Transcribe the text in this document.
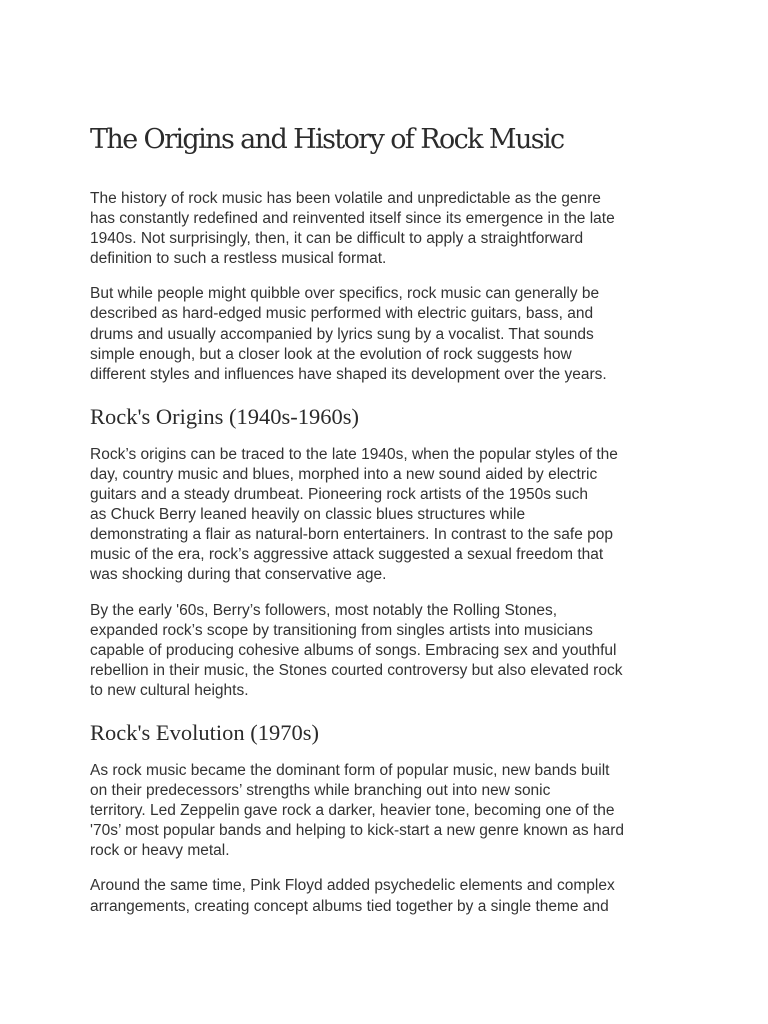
The Origins and History of Rock Music

The history of rock music has been volatile and unpredictable as the genre
has constantly redefined and reinvented itself since its emergence in the late
1940s. Not surprisingly, then, it can be difficult to apply a straightforward
definition to such a restless musical format.

But while people might quibble over specifics, rock music can generally be
described as hard-edged music performed with electric guitars, bass, and
drums and usually accompanied by lyrics sung by a vocalist. That sounds
simple enough, but a closer look at the evolution of rock suggests how
different styles and influences have shaped its development over the years.

Rock's Origins (1940s-1960s)

Rock’s origins can be traced to the late 1940s, when the popular styles of the
day, country music and blues, morphed into a new sound aided by electric
guitars and a steady drumbeat. Pioneering rock artists of the 1950s such
as Chuck Berry leaned heavily on classic blues structures while
demonstrating a flair as natural-born entertainers. In contrast to the safe pop
music of the era, rock’s aggressive attack suggested a sexual freedom that
was shocking during that conservative age.

By the early '60s, Berry’s followers, most notably the Rolling Stones,
expanded rock’s scope by transitioning from singles artists into musicians
capable of producing cohesive albums of songs. Embracing sex and youthful
rebellion in their music, the Stones courted controversy but also elevated rock
to new cultural heights.

Rock's Evolution (1970s)

As rock music became the dominant form of popular music, new bands built
on their predecessors’ strengths while branching out into new sonic
territory. Led Zeppelin gave rock a darker, heavier tone, becoming one of the
'70s’ most popular bands and helping to kick-start a new genre known as hard
rock or heavy metal.

Around the same time, Pink Floyd added psychedelic elements and complex
arrangements, creating concept albums tied together by a single theme and
